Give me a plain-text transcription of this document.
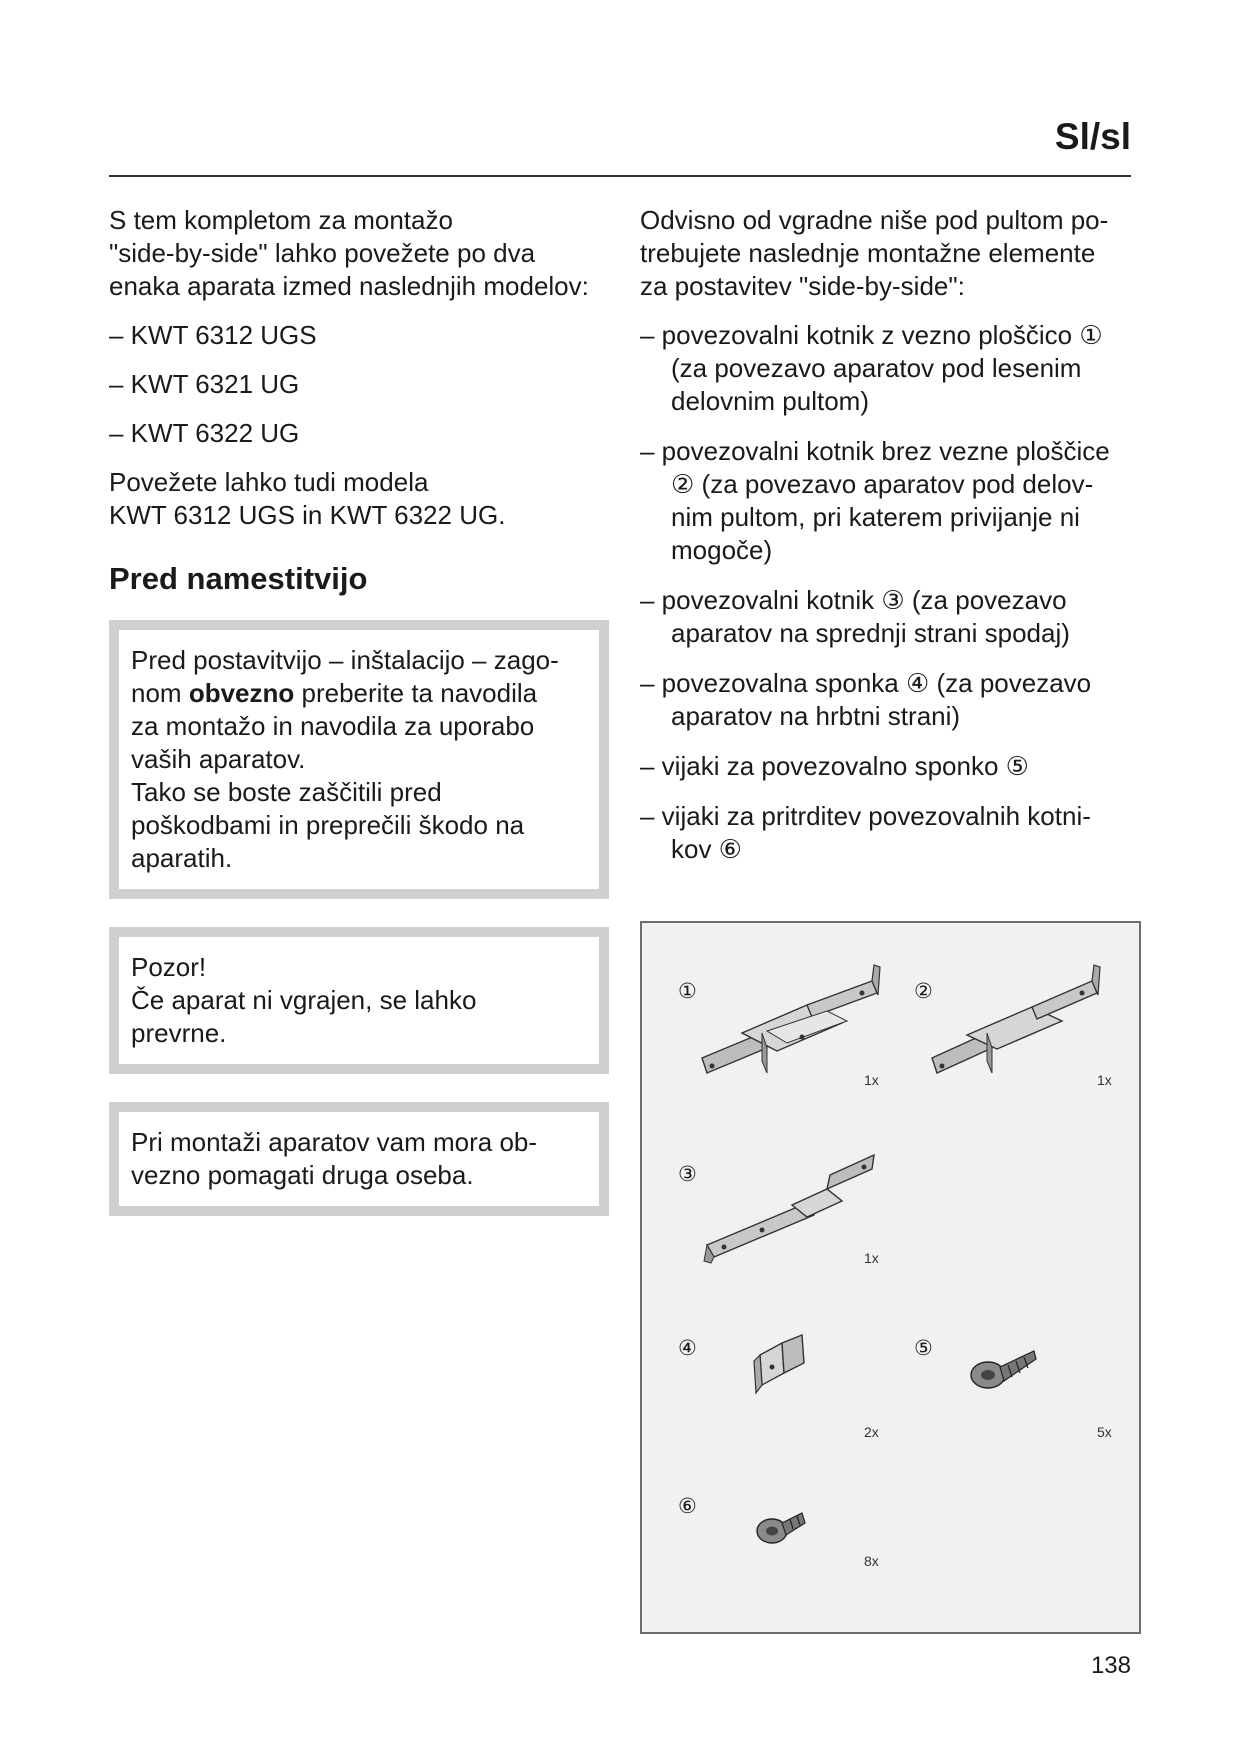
Sl/sl

S tem kompletom za montažo
"side-by-side" lahko povežete po dva
enaka aparata izmed naslednjih modelov:

– KWT 6312 UGS

– KWT 6321 UG

– KWT 6322 UG

Povežete lahko tudi modela
KWT 6312 UGS in KWT 6322 UG.

Pred namestitvijo

Pred postavitvijo – inštalacijo – zago-
nom obvezno preberite ta navodila
za montažo in navodila za uporabo
vaših aparatov.
Tako se boste zaščitili pred
poškodbami in preprečili škodo na
aparatih.

Pozor!
Če aparat ni vgrajen, se lahko
prevrne.

Pri montaži aparatov vam mora ob-
vezno pomagati druga oseba.

Odvisno od vgradne niše pod pultom po-
trebujete naslednje montažne elemente
za postavitev "side-by-side":

– povezovalni kotnik z vezno ploščico ①
(za povezavo aparatov pod lesenim
delovnim pultom)
– povezovalni kotnik brez vezne ploščice
② (za povezavo aparatov pod delov-
nim pultom, pri katerem privijanje ni
mogoče)
– povezovalni kotnik ③ (za povezavo
aparatov na sprednji strani spodaj)
– povezovalna sponka ④ (za povezavo
aparatov na hrbtni strani)
– vijaki za povezovalno sponko ⑤
– vijaki za pritrditev povezovalnih kotni-
kov ⑥
①
1x
②
1x
③
1x
④
2x
⑤
5x
⑥
8x
138
